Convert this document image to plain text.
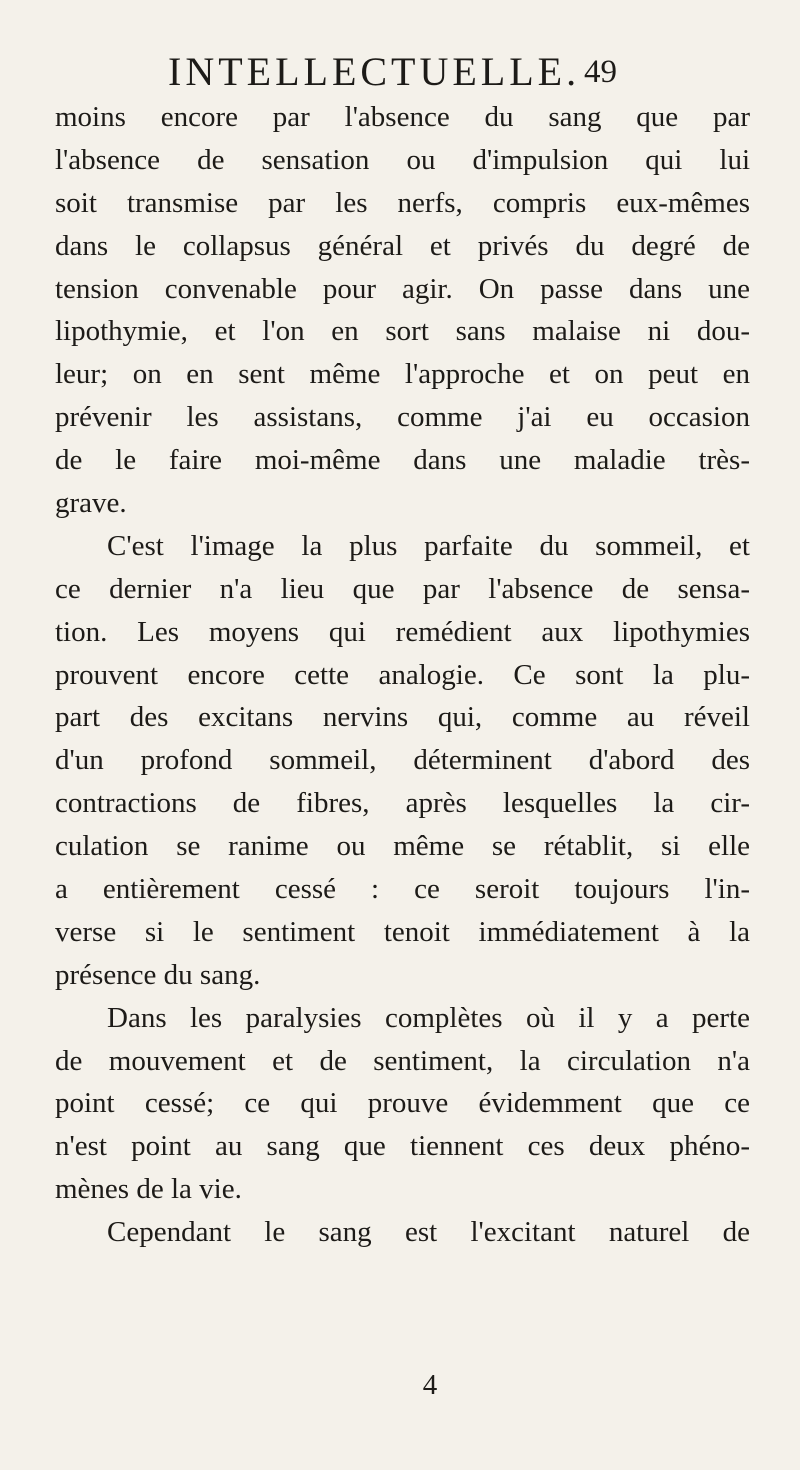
INTELLECTUELLE. 49
moins encore par l'absence du sang que par
l'absence de sensation ou d'impulsion qui lui
soit transmise par les nerfs, compris eux-mêmes
dans le collapsus général et privés du degré de
tension convenable pour agir. On passe dans une
lipothymie, et l'on en sort sans malaise ni dou-
leur; on en sent même l'approche et on peut en
prévenir les assistans, comme j'ai eu occasion
de le faire moi-même dans une maladie très-
grave.
C'est l'image la plus parfaite du sommeil, et
ce dernier n'a lieu que par l'absence de sensa-
tion. Les moyens qui remédient aux lipothymies
prouvent encore cette analogie. Ce sont la plu-
part des excitans nervins qui, comme au réveil
d'un profond sommeil, déterminent d'abord des
contractions de fibres, après lesquelles la cir-
culation se ranime ou même se rétablit, si elle
a entièrement cessé : ce seroit toujours l'in-
verse si le sentiment tenoit immédiatement à la
présence du sang.
Dans les paralysies complètes où il y a perte
de mouvement et de sentiment, la circulation n'a
point cessé; ce qui prouve évidemment que ce
n'est point au sang que tiennent ces deux phéno-
mènes de la vie.
Cependant le sang est l'excitant naturel de
4
